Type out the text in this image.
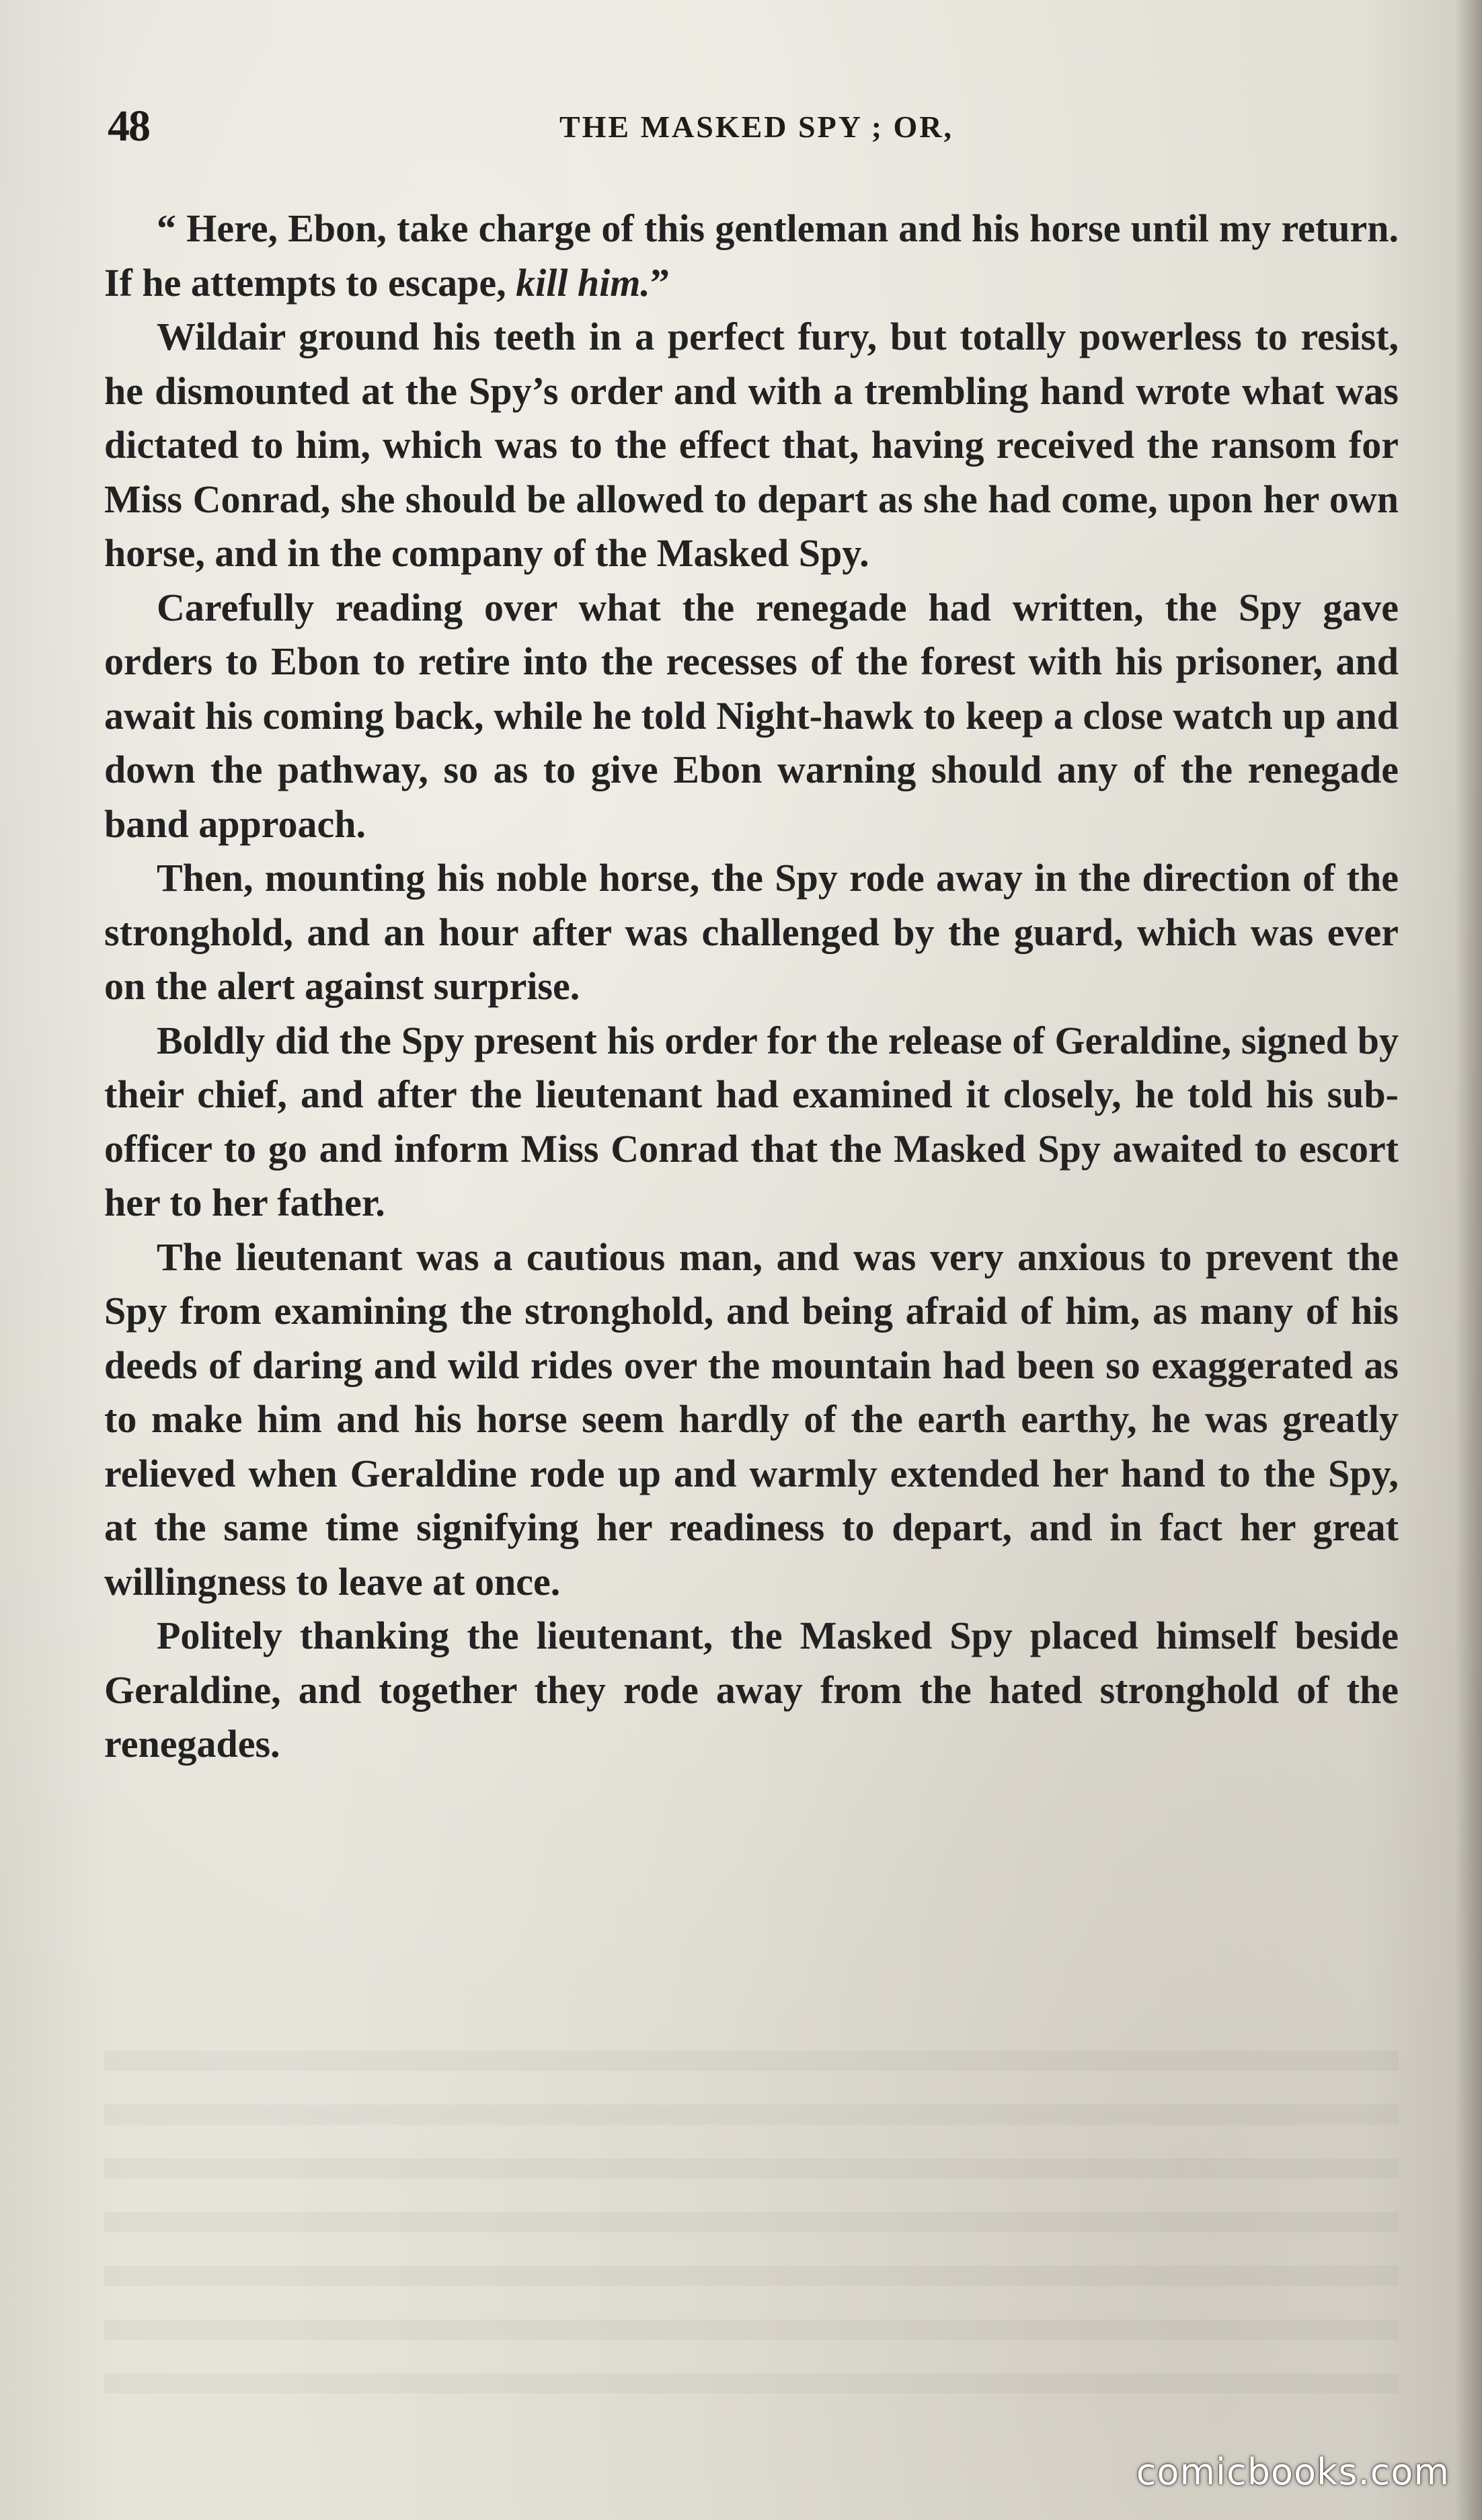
48	THE MASKED SPY ; OR,

“ Here, Ebon, take charge of this gentleman and his horse until my return. If he attempts to escape, kill him.”

Wildair ground his teeth in a perfect fury, but totally powerless to resist, he dismounted at the Spy’s order and with a trembling hand wrote what was dictated to him, which was to the effect that, having received the ransom for Miss Conrad, she should be allowed to depart as she had come, upon her own horse, and in the company of the Masked Spy.

Carefully reading over what the renegade had written, the Spy gave orders to Ebon to retire into the recesses of the forest with his prisoner, and await his coming back, while he told Night-hawk to keep a close watch up and down the pathway, so as to give Ebon warning should any of the renegade band approach.

Then, mounting his noble horse, the Spy rode away in the direction of the stronghold, and an hour after was challenged by the guard, which was ever on the alert against surprise.

Boldly did the Spy present his order for the release of Geraldine, signed by their chief, and after the lieutenant had examined it closely, he told his sub-officer to go and inform Miss Conrad that the Masked Spy awaited to escort her to her father.

The lieutenant was a cautious man, and was very anxious to prevent the Spy from examining the stronghold, and being afraid of him, as many of his deeds of daring and wild rides over the mountain had been so exaggerated as to make him and his horse seem hardly of the earth earthy, he was greatly relieved when Geraldine rode up and warmly extended her hand to the Spy, at the same time signifying her readiness to depart, and in fact her great willingness to leave at once.

Politely thanking the lieutenant, the Masked Spy placed himself beside Geraldine, and together they rode away from the hated stronghold of the renegades.

comicbooks.com
